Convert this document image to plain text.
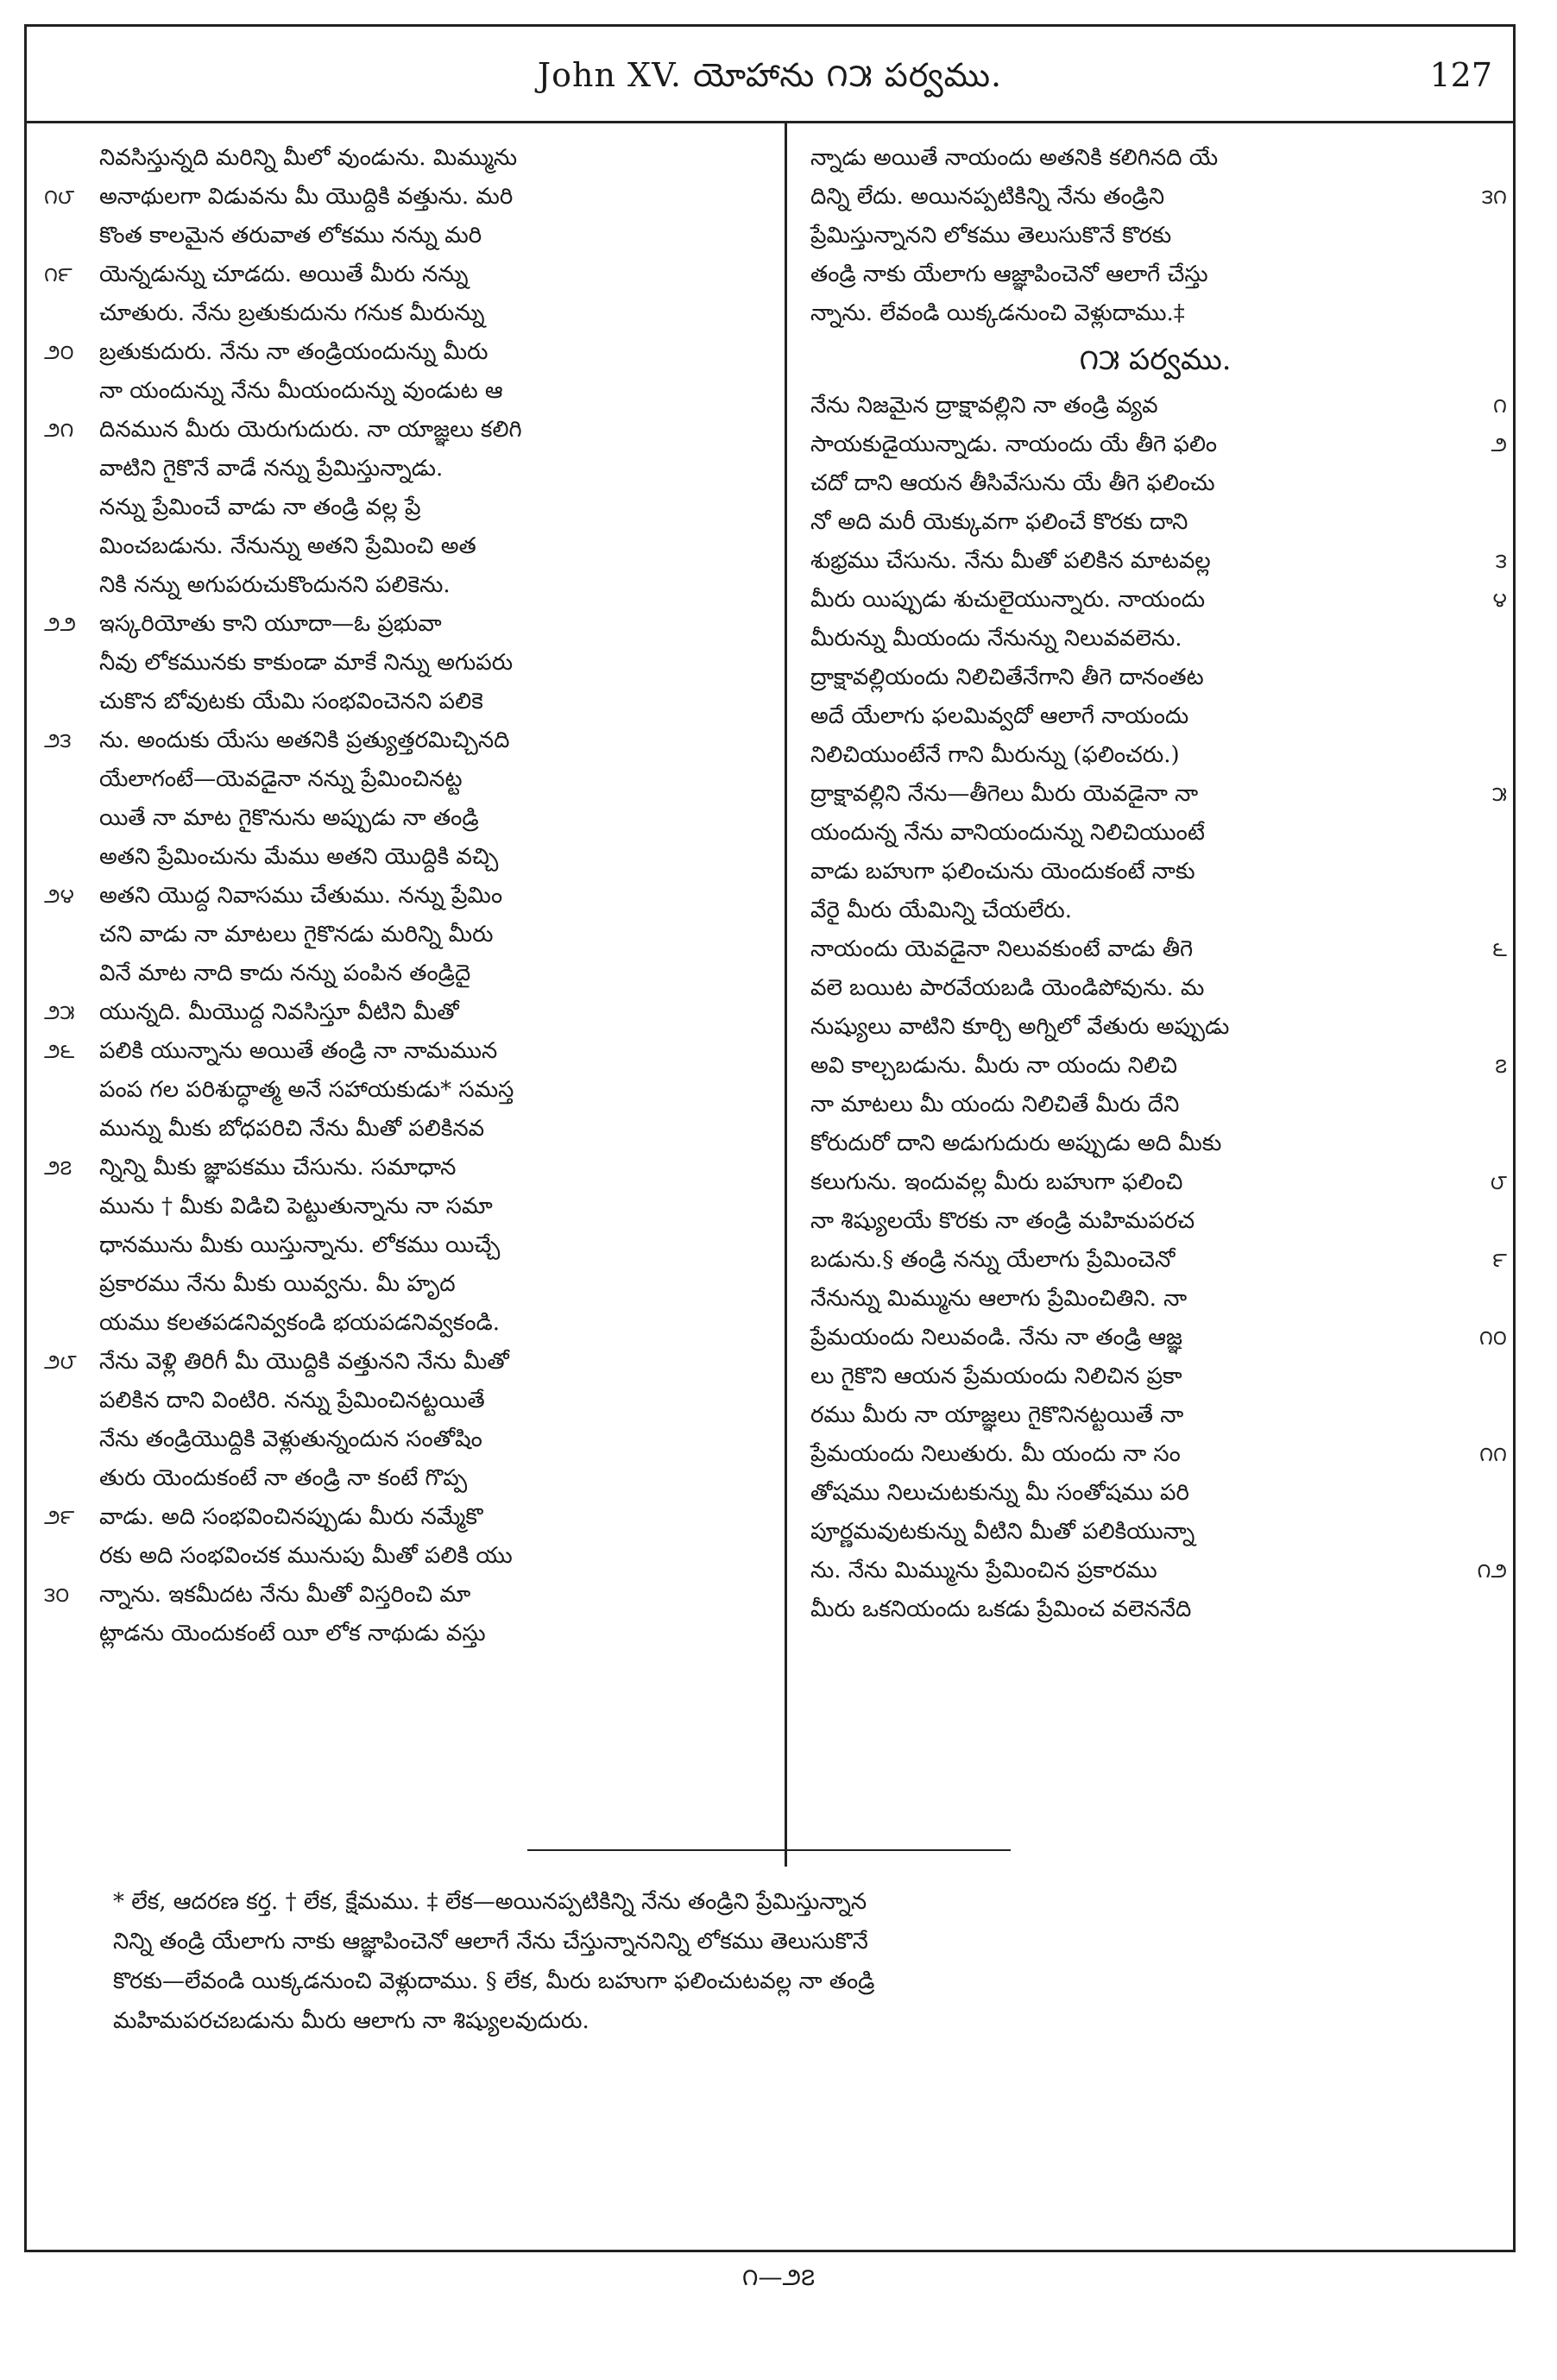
John XV. యోహాను ౧౫ పర్వము.	127
నివసిస్తున్నది మరిన్ని మీలో వుండును. మిమ్మును
౧౮	అనాథులగా విడువను మీ యొద్దికి వత్తును. మరి
కొంత కాలమైన తరువాత లోకము నన్ను మరి
౧౯	యెన్నడున్ను చూడదు. అయితే మీరు నన్ను
చూతురు. నేను బ్రతుకుదును గనుక మీరున్ను
౨౦	బ్రతుకుదురు. నేను నా తండ్రియందున్ను మీరు
నా యందున్ను నేను మీయందున్ను వుండుట ఆ
౨౧	దినమున మీరు యెరుగుదురు. నా యాజ్ఞలు కలిగి
వాటిని గైకొనే వాడే నన్ను ప్రేమిస్తున్నాడు.
నన్ను ప్రేమించే వాడు నా తండ్రి వల్ల ప్రే
మించబడును. నేనున్ను అతని ప్రేమించి అత
నికి నన్ను అగుపరుచుకొందునని పలికెను.
౨౨	ఇస్కరియోతు కాని యూదా—ఓ ప్రభువా
నీవు లోకమునకు కాకుండా మాకే నిన్ను అగుపరు
చుకొన బోవుటకు యేమి సంభవించెనని పలికె
౨౩	ను. అందుకు యేసు అతనికి ప్రత్యుత్తరమిచ్చినది
యేలాగంటే—యెవడైనా నన్ను ప్రేమించినట్ట
యితే నా మాట గైకొనును అప్పుడు నా తండ్రి
అతని ప్రేమించును మేము అతని యొద్దికి వచ్చి
౨౪	అతని యొద్ద నివాసము చేతుము. నన్ను ప్రేమిం
చని వాడు నా మాటలు గైకొనడు మరిన్ని మీరు
వినే మాట నాది కాదు నన్ను పంపిన తండ్రిదై
౨౫	యున్నది. మీయొద్ద నివసిస్తూ వీటిని మీతో
౨౬	పలికి యున్నాను అయితే తండ్రి నా నామమున
పంప గల పరిశుద్ధాత్మ అనే సహాయకుడు* సమస్త
మున్ను మీకు బోధపరిచి నేను మీతో పలికినవ
౨౭	న్నిన్ని మీకు జ్ఞాపకము చేసును. సమాధాన
మును † మీకు విడిచి పెట్టుతున్నాను నా సమా
ధానమును మీకు యిస్తున్నాను. లోకము యిచ్చే
ప్రకారము నేను మీకు యివ్వను. మీ హృద
యము కలతపడనివ్వకండి భయపడనివ్వకండి.
౨౮	నేను వెళ్లి తిరిగీ మీ యొద్దికి వత్తునని నేను మీతో
పలికిన దాని వింటిరి. నన్ను ప్రేమించినట్టయితే
నేను తండ్రియొద్దికి వెళ్లుతున్నందున సంతోషిం
తురు యెందుకంటే నా తండ్రి నా కంటే గొప్ప
౨౯	వాడు. అది సంభవించినప్పుడు మీరు నమ్మేకొ
రకు అది సంభవించక మునుపు మీతో పలికి యు
౩౦	న్నాను. ఇకమీదట నేను మీతో విస్తరించి మా
ట్లాడను యెందుకంటే యీ లోక నాథుడు వస్తు
న్నాడు అయితే నాయందు అతనికి కలిగినది యే
౩౧
దిన్ని లేదు. అయినప్పటికిన్ని నేను తండ్రిని
ప్రేమిస్తున్నానని లోకము తెలుసుకొనే కొరకు
తండ్రి నాకు యేలాగు ఆజ్ఞాపించెనో ఆలాగే చేస్తు
న్నాను. లేవండి యిక్కడనుంచి వెళ్లుదాము.‡
౧౫ పర్వము.
౧
నేను నిజమైన ద్రాక్షావల్లిని నా తండ్రి వ్యవ
౨
సాయకుడైయున్నాడు. నాయందు యే తీగె ఫలిం
చదో దాని ఆయన తీసివేసును యే తీగె ఫలించు
నో అది మరీ యెక్కువగా ఫలించే కొరకు దాని
౩
శుభ్రము చేసును. నేను మీతో పలికిన మాటవల్ల
౪
మీరు యిప్పుడు శుచులైయున్నారు. నాయందు
మీరున్ను మీయందు నేనున్ను నిలువవలెను.
ద్రాక్షావల్లియందు నిలిచితేనేగాని తీగె దానంతట
అదే యేలాగు ఫలమివ్వదో ఆలాగే నాయందు
నిలిచియుంటేనే గాని మీరున్ను (ఫలించరు.)
౫
ద్రాక్షావల్లిని నేను—తీగెలు మీరు యెవడైనా నా
యందున్న నేను వానియందున్ను నిలిచియుంటే
వాడు బహుగా ఫలించును యెందుకంటే నాకు
వేరై మీరు యేమిన్ని చేయలేరు.
౬
నాయందు యెవడైనా నిలువకుంటే వాడు తీగె
వలె బయిట పారవేయబడి యెండిపోవును. మ
నుష్యులు వాటిని కూర్చి అగ్నిలో వేతురు అప్పుడు
౭
అవి కాల్చబడును. మీరు నా యందు నిలిచి
నా మాటలు మీ యందు నిలిచితే మీరు దేని
కోరుదురో దాని అడుగుదురు అప్పుడు అది మీకు
౮
కలుగును. ఇందువల్ల మీరు బహుగా ఫలించి
నా శిష్యులయే కొరకు నా తండ్రి మహిమపరచ
౯
బడును.§ తండ్రి నన్ను యేలాగు ప్రేమించెనో
నేనున్ను మిమ్మును ఆలాగు ప్రేమించితిని. నా
౧౦
ప్రేమయందు నిలువండి. నేను నా తండ్రి ఆజ్ఞ
లు గైకొని ఆయన ప్రేమయందు నిలిచిన ప్రకా
రము మీరు నా యాజ్ఞలు గైకొనినట్టయితే నా
౧౧
ప్రేమయందు నిలుతురు. మీ యందు నా సం
తోషము నిలుచుటకున్ను మీ సంతోషము పరి
పూర్ణమవుటకున్ను వీటిని మీతో పలికియున్నా
౧౨
ను. నేను మిమ్మును ప్రేమించిన ప్రకారము
మీరు ఒకనియందు ఒకడు ప్రేమించ వలెననేది
* లేక, ఆదరణ కర్త. † లేక, క్షేమము. ‡ లేక—అయినప్పటికిన్ని నేను తండ్రిని ప్రేమిస్తున్నాన
నిన్ని తండ్రి యేలాగు నాకు ఆజ్ఞాపించెనో ఆలాగే నేను చేస్తున్నాననిన్ని లోకము తెలుసుకొనే
కొరకు—లేవండి యిక్కడనుంచి వెళ్లుదాము. § లేక, మీరు బహుగా ఫలించుటవల్ల నా తండ్రి
మహిమపరచబడును మీరు ఆలాగు నా శిష్యులవుదురు.
౧—౨౭
